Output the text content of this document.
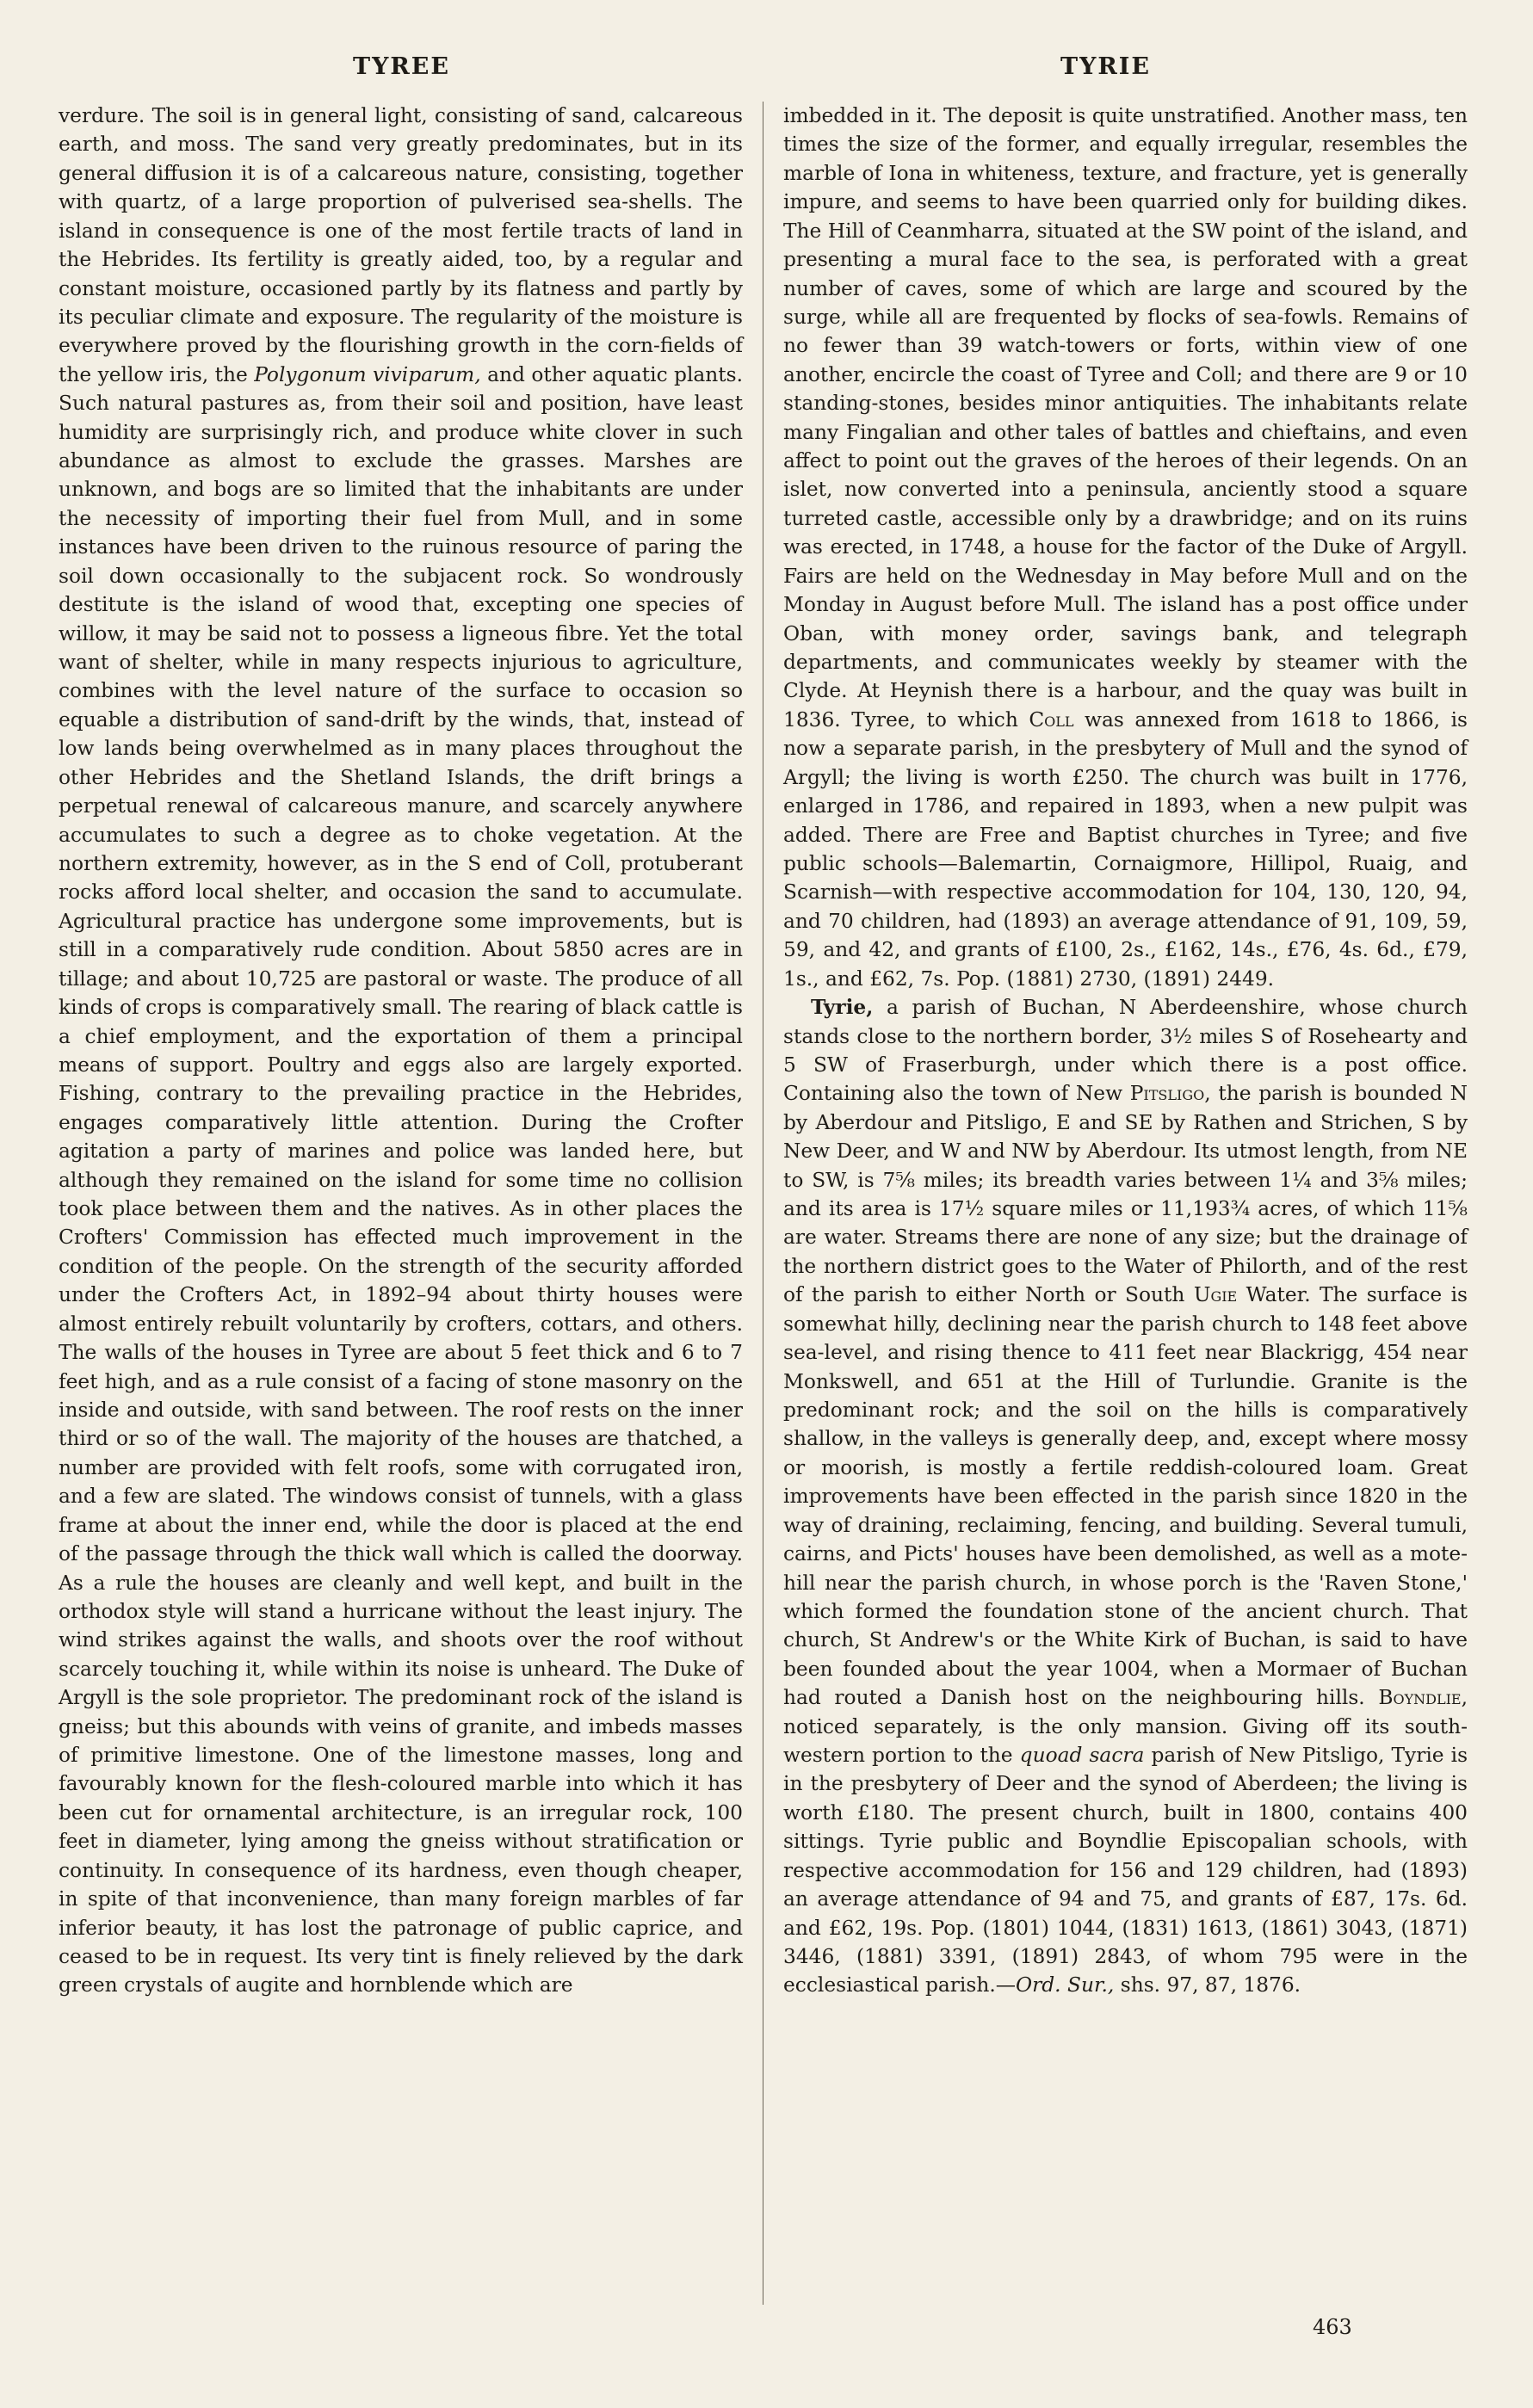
TYREE	TYRIE

verdure. The soil is in general light, consisting of sand, calcareous earth, and moss. The sand very greatly predominates, but in its general diffusion it is of a calcareous nature, consisting, together with quartz, of a large proportion of pulverised sea-shells. The island in consequence is one of the most fertile tracts of land in the Hebrides. Its fertility is greatly aided, too, by a regular and constant moisture, occasioned partly by its flatness and partly by its peculiar climate and exposure. The regularity of the moisture is everywhere proved by the flourishing growth in the corn-fields of the yellow iris, the Polygonum viviparum, and other aquatic plants. Such natural pastures as, from their soil and position, have least humidity are surprisingly rich, and produce white clover in such abundance as almost to exclude the grasses. Marshes are unknown, and bogs are so limited that the inhabitants are under the necessity of importing their fuel from Mull, and in some instances have been driven to the ruinous resource of paring the soil down occasionally to the subjacent rock. So wondrously destitute is the island of wood that, excepting one species of willow, it may be said not to possess a ligneous fibre. Yet the total want of shelter, while in many respects injurious to agriculture, combines with the level nature of the surface to occasion so equable a distribution of sand-drift by the winds, that, instead of low lands being overwhelmed as in many places throughout the other Hebrides and the Shetland Islands, the drift brings a perpetual renewal of calcareous manure, and scarcely anywhere accumulates to such a degree as to choke vegetation. At the northern extremity, however, as in the S end of Coll, protuberant rocks afford local shelter, and occasion the sand to accumulate. Agricultural practice has undergone some improvements, but is still in a comparatively rude condition. About 5850 acres are in tillage; and about 10,725 are pastoral or waste. The produce of all kinds of crops is comparatively small. The rearing of black cattle is a chief employment, and the exportation of them a principal means of support. Poultry and eggs also are largely exported. Fishing, contrary to the prevailing practice in the Hebrides, engages comparatively little attention. During the Crofter agitation a party of marines and police was landed here, but although they remained on the island for some time no collision took place between them and the natives. As in other places the Crofters' Commission has effected much improvement in the condition of the people. On the strength of the security afforded under the Crofters Act, in 1892–94 about thirty houses were almost entirely rebuilt voluntarily by crofters, cottars, and others. The walls of the houses in Tyree are about 5 feet thick and 6 to 7 feet high, and as a rule consist of a facing of stone masonry on the inside and outside, with sand between. The roof rests on the inner third or so of the wall. The majority of the houses are thatched, a number are provided with felt roofs, some with corrugated iron, and a few are slated. The windows consist of tunnels, with a glass frame at about the inner end, while the door is placed at the end of the passage through the thick wall which is called the doorway. As a rule the houses are cleanly and well kept, and built in the orthodox style will stand a hurricane without the least injury. The wind strikes against the walls, and shoots over the roof without scarcely touching it, while within its noise is unheard. The Duke of Argyll is the sole proprietor. The predominant rock of the island is gneiss; but this abounds with veins of granite, and imbeds masses of primitive limestone. One of the limestone masses, long and favourably known for the flesh-coloured marble into which it has been cut for ornamental architecture, is an irregular rock, 100 feet in diameter, lying among the gneiss without stratification or continuity. In consequence of its hardness, even though cheaper, in spite of that inconvenience, than many foreign marbles of far inferior beauty, it has lost the patronage of public caprice, and ceased to be in request. Its very tint is finely relieved by the dark green crystals of augite and hornblende which are

imbedded in it. The deposit is quite unstratified. Another mass, ten times the size of the former, and equally irregular, resembles the marble of Iona in whiteness, texture, and fracture, yet is generally impure, and seems to have been quarried only for building dikes. The Hill of Ceanmharra, situated at the SW point of the island, and presenting a mural face to the sea, is perforated with a great number of caves, some of which are large and scoured by the surge, while all are frequented by flocks of sea-fowls. Remains of no fewer than 39 watch-towers or forts, within view of one another, encircle the coast of Tyree and Coll; and there are 9 or 10 standing-stones, besides minor antiquities. The inhabitants relate many Fingalian and other tales of battles and chieftains, and even affect to point out the graves of the heroes of their legends. On an islet, now converted into a peninsula, anciently stood a square turreted castle, accessible only by a drawbridge; and on its ruins was erected, in 1748, a house for the factor of the Duke of Argyll. Fairs are held on the Wednesday in May before Mull and on the Monday in August before Mull. The island has a post office under Oban, with money order, savings bank, and telegraph departments, and communicates weekly by steamer with the Clyde. At Heynish there is a harbour, and the quay was built in 1836. Tyree, to which Coll was annexed from 1618 to 1866, is now a separate parish, in the presbytery of Mull and the synod of Argyll; the living is worth £250. The church was built in 1776, enlarged in 1786, and repaired in 1893, when a new pulpit was added. There are Free and Baptist churches in Tyree; and five public schools—Balemartin, Cornaigmore, Hillipol, Ruaig, and Scarnish—with respective accommodation for 104, 130, 120, 94, and 70 children, had (1893) an average attendance of 91, 109, 59, 59, and 42, and grants of £100, 2s., £162, 14s., £76, 4s. 6d., £79, 1s., and £62, 7s. Pop. (1881) 2730, (1891) 2449.

Tyrie, a parish of Buchan, N Aberdeenshire, whose church stands close to the northern border, 3½ miles S of Rosehearty and 5 SW of Fraserburgh, under which there is a post office. Containing also the town of New Pitsligo, the parish is bounded N by Aberdour and Pitsligo, E and SE by Rathen and Strichen, S by New Deer, and W and NW by Aberdour. Its utmost length, from NE to SW, is 7⅝ miles; its breadth varies between 1¼ and 3⅝ miles; and its area is 17½ square miles or 11,193¾ acres, of which 11⅝ are water. Streams there are none of any size; but the drainage of the northern district goes to the Water of Philorth, and of the rest of the parish to either North or South Ugie Water. The surface is somewhat hilly, declining near the parish church to 148 feet above sea-level, and rising thence to 411 feet near Blackrigg, 454 near Monkswell, and 651 at the Hill of Turlundie. Granite is the predominant rock; and the soil on the hills is comparatively shallow, in the valleys is generally deep, and, except where mossy or moorish, is mostly a fertile reddish-coloured loam. Great improvements have been effected in the parish since 1820 in the way of draining, reclaiming, fencing, and building. Several tumuli, cairns, and Picts' houses have been demolished, as well as a mote-hill near the parish church, in whose porch is the 'Raven Stone,' which formed the foundation stone of the ancient church. That church, St Andrew's or the White Kirk of Buchan, is said to have been founded about the year 1004, when a Mormaer of Buchan had routed a Danish host on the neighbouring hills. Boyndlie, noticed separately, is the only mansion. Giving off its south-western portion to the quoad sacra parish of New Pitsligo, Tyrie is in the presbytery of Deer and the synod of Aberdeen; the living is worth £180. The present church, built in 1800, contains 400 sittings. Tyrie public and Boyndlie Episcopalian schools, with respective accommodation for 156 and 129 children, had (1893) an average attendance of 94 and 75, and grants of £87, 17s. 6d. and £62, 19s. Pop. (1801) 1044, (1831) 1613, (1861) 3043, (1871) 3446, (1881) 3391, (1891) 2843, of whom 795 were in the ecclesiastical parish.—Ord. Sur., shs. 97, 87, 1876.

463
